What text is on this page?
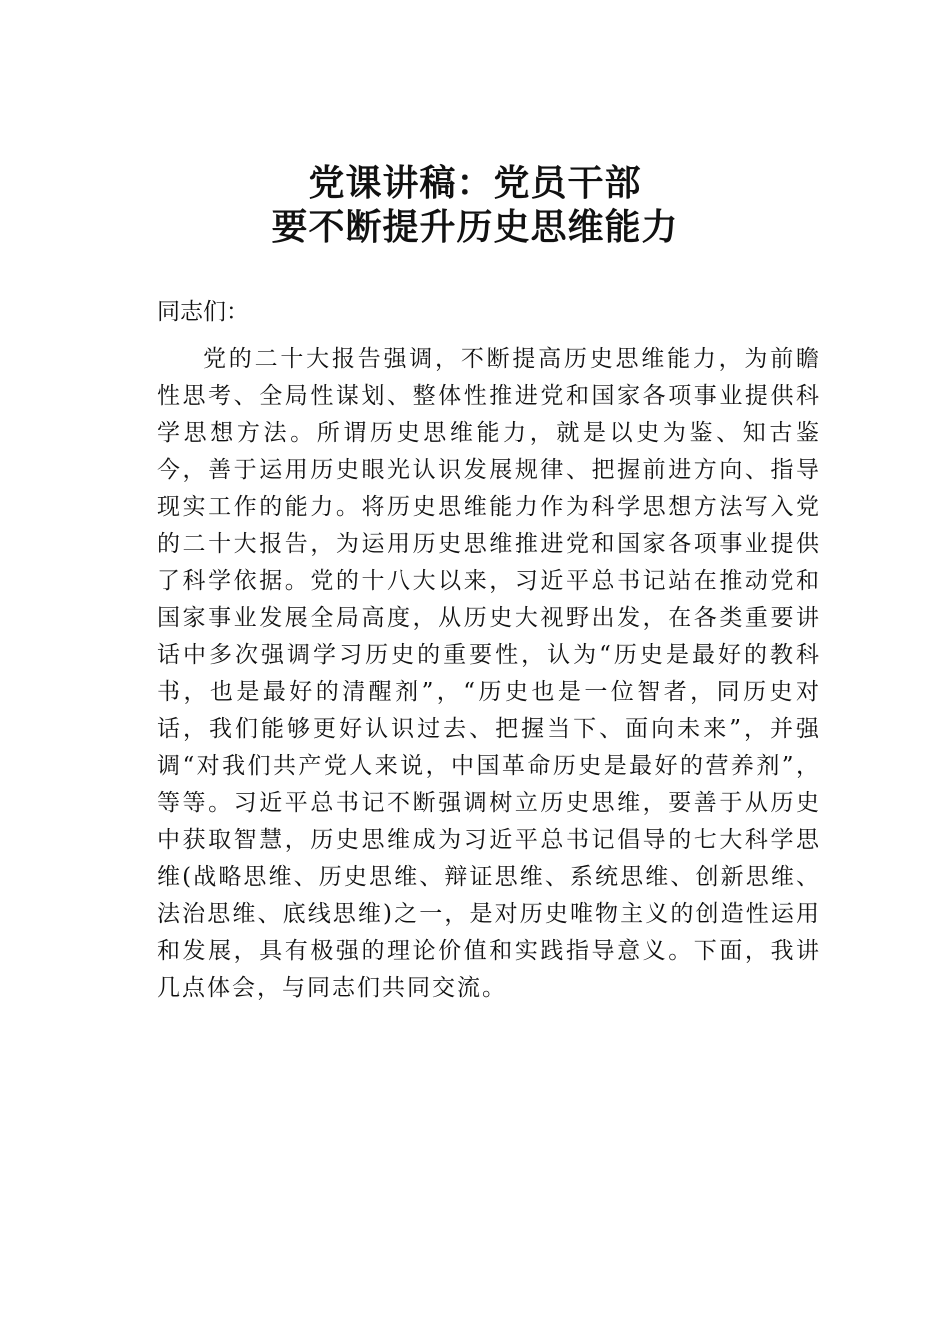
党课讲稿：党员干部
要不断提升历史思维能力
同志们：

党的二十大报告强调，不断提高历史思维能力，为前瞻性思考、全局性谋划、整体性推进党和国家各项事业提供科学思想方法。所谓历史思维能力，就是以史为鉴、知古鉴今，善于运用历史眼光认识发展规律、把握前进方向、指导现实工作的能力。将历史思维能力作为科学思想方法写入党的二十大报告，为运用历史思维推进党和国家各项事业提供了科学依据。党的十八大以来，习近平总书记站在推动党和国家事业发展全局高度，从历史大视野出发，在各类重要讲话中多次强调学习历史的重要性，认为“历史是最好的教科书，也是最好的清醒剂”，“历史也是一位智者，同历史对话，我们能够更好认识过去、把握当下、面向未来”，并强调“对我们共产党人来说，中国革命历史是最好的营养剂”，等等。习近平总书记不断强调树立历史思维，要善于从历史中获取智慧，历史思维成为习近平总书记倡导的七大科学思维(战略思维、历史思维、辩证思维、系统思维、创新思维、法治思维、底线思维)之一，是对历史唯物主义的创造性运用和发展，具有极强的理论价值和实践指导意义。下面，我讲几点体会，与同志们共同交流。
